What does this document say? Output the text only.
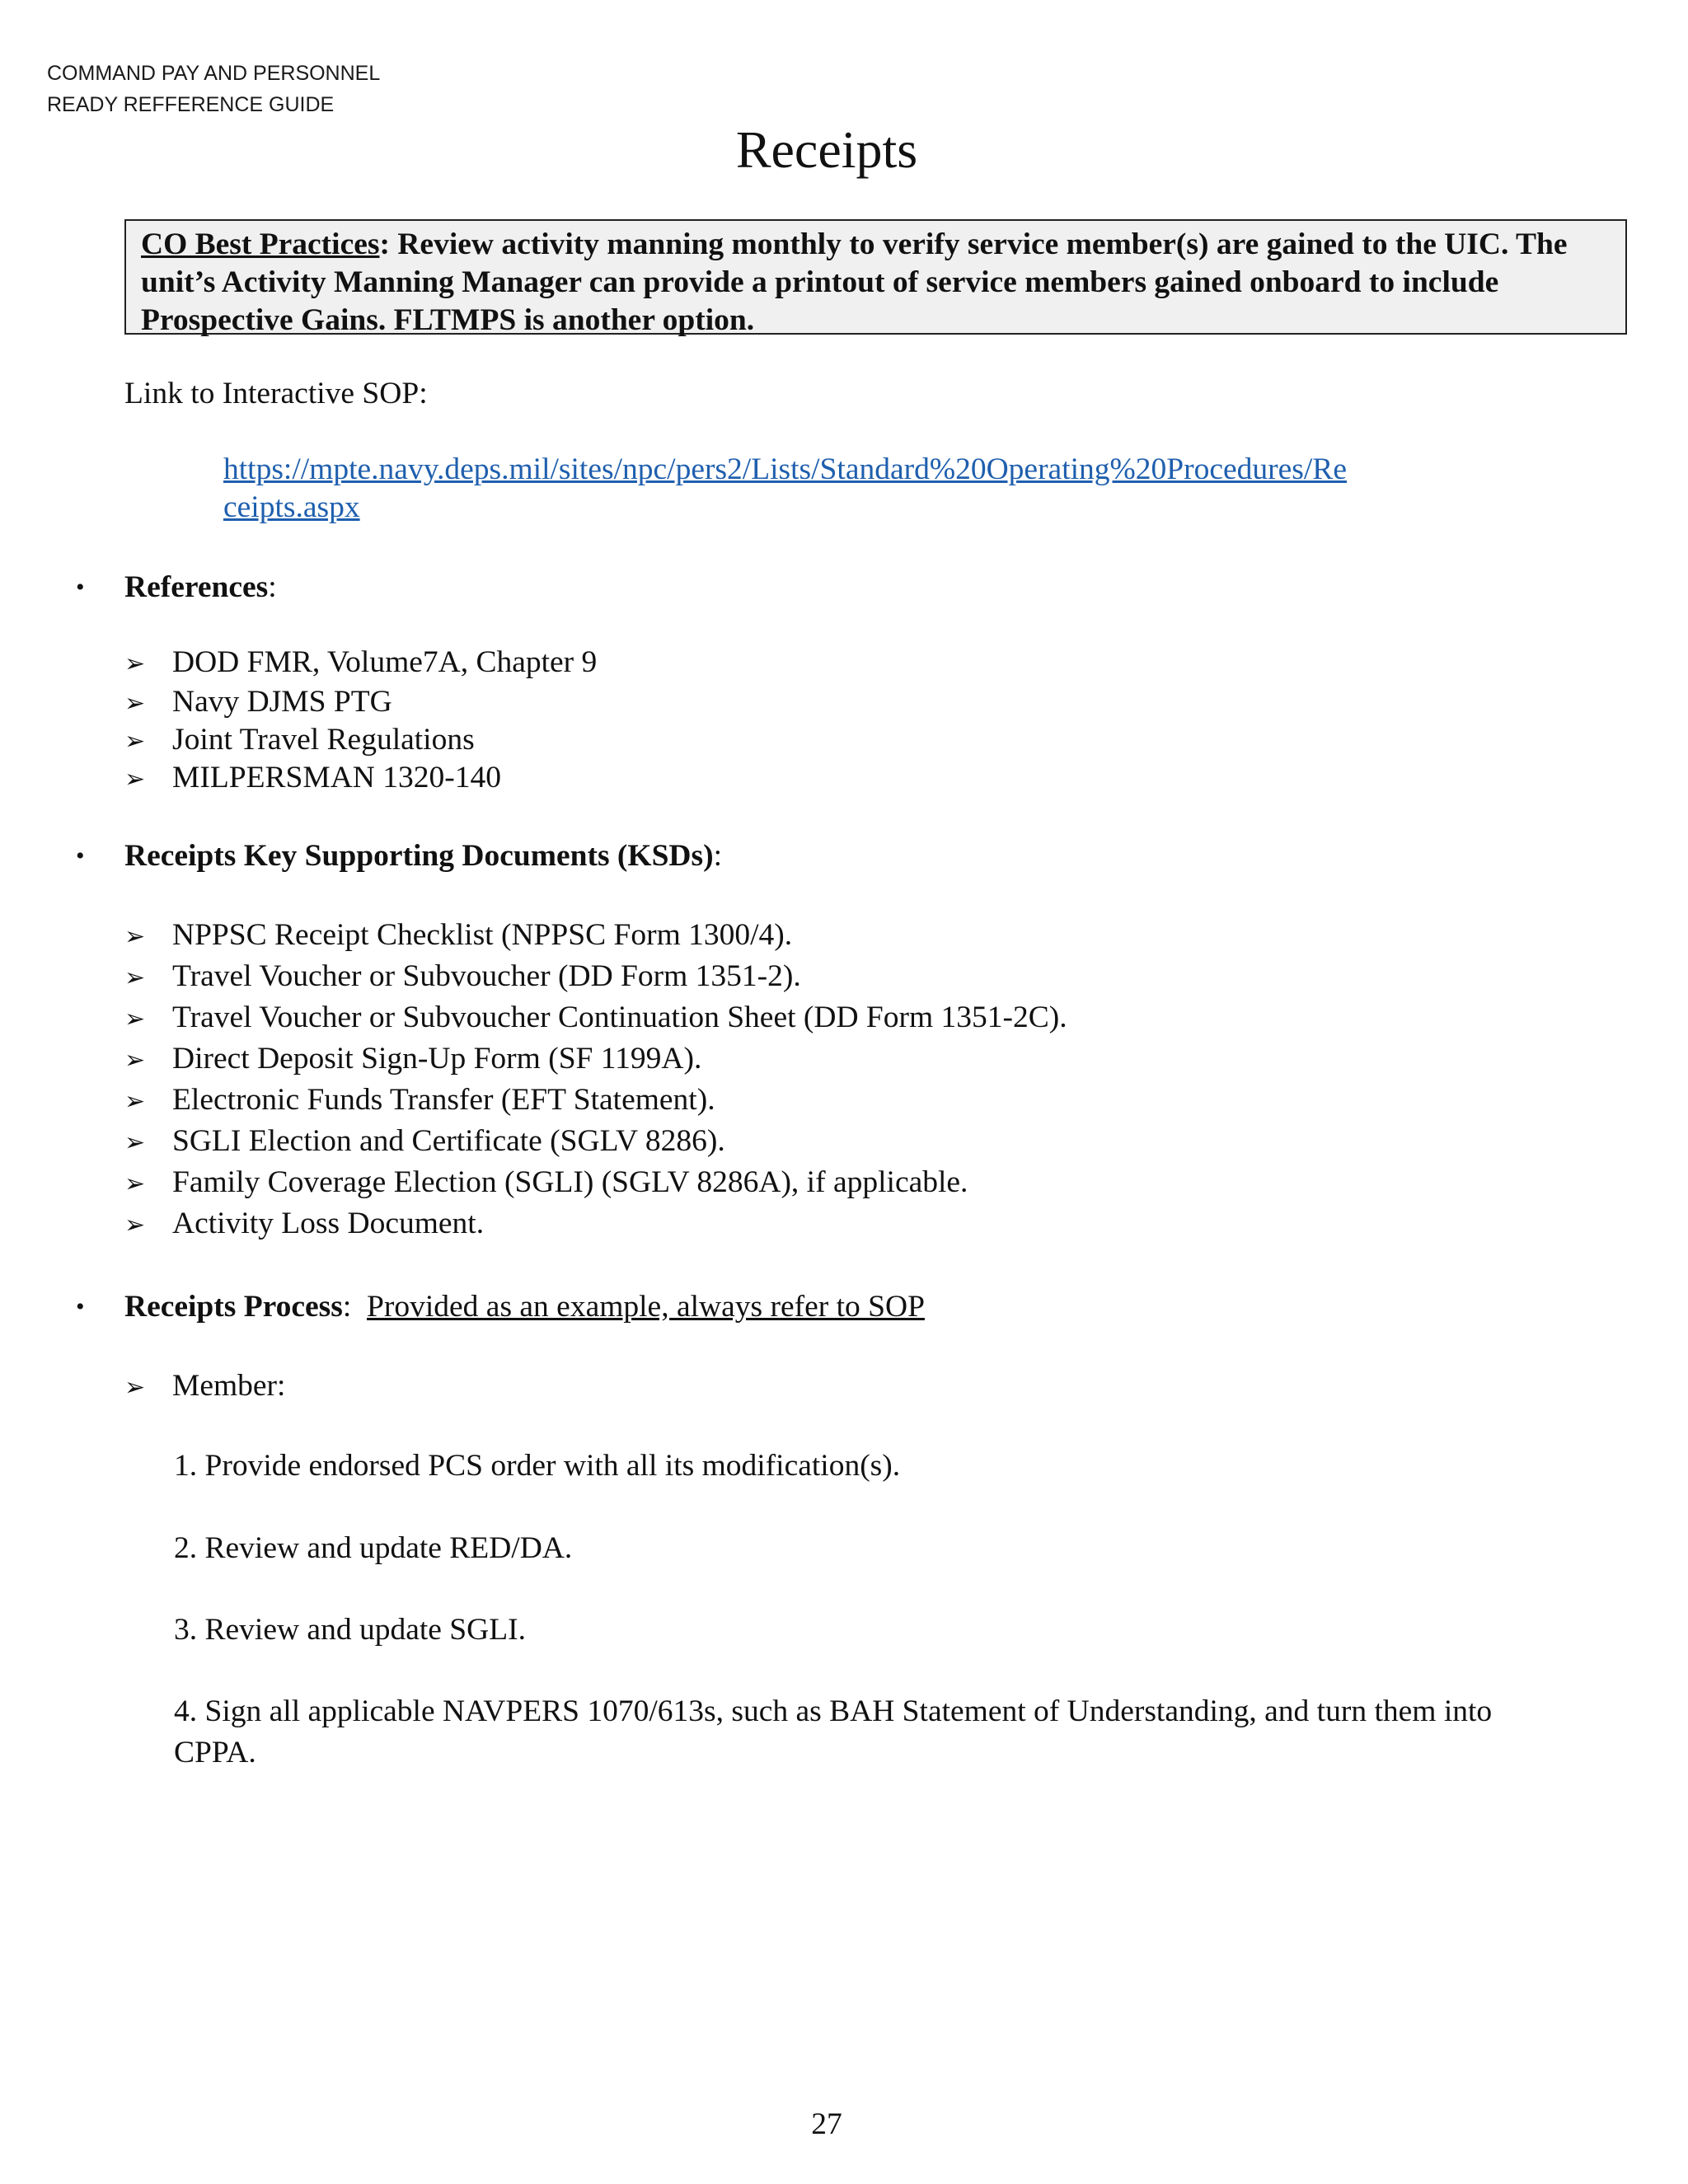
COMMAND PAY AND PERSONNEL
READY REFFERENCE GUIDE
Receipts
CO Best Practices: Review activity manning monthly to verify service member(s) are gained to the UIC. The unit’s Activity Manning Manager can provide a printout of service members gained onboard to include Prospective Gains. FLTMPS is another option.
Link to Interactive SOP:
https://mpte.navy.deps.mil/sites/npc/pers2/Lists/Standard%20Operating%20Procedures/Re
ceipts.aspx
• References:
➢ DOD FMR, Volume7A, Chapter 9
➢ Navy DJMS PTG
➢ Joint Travel Regulations
➢ MILPERSMAN 1320-140
• Receipts Key Supporting Documents (KSDs):
➢ NPPSC Receipt Checklist (NPPSC Form 1300/4).
➢ Travel Voucher or Subvoucher (DD Form 1351-2).
➢ Travel Voucher or Subvoucher Continuation Sheet (DD Form 1351-2C).
➢ Direct Deposit Sign-Up Form (SF 1199A).
➢ Electronic Funds Transfer (EFT Statement).
➢ SGLI Election and Certificate (SGLV 8286).
➢ Family Coverage Election (SGLI) (SGLV 8286A), if applicable.
➢ Activity Loss Document.
• Receipts Process: Provided as an example, always refer to SOP
➢ Member:
1. Provide endorsed PCS order with all its modification(s).
2. Review and update RED/DA.
3. Review and update SGLI.
4. Sign all applicable NAVPERS 1070/613s, such as BAH Statement of Understanding, and turn them into
CPPA.
27
